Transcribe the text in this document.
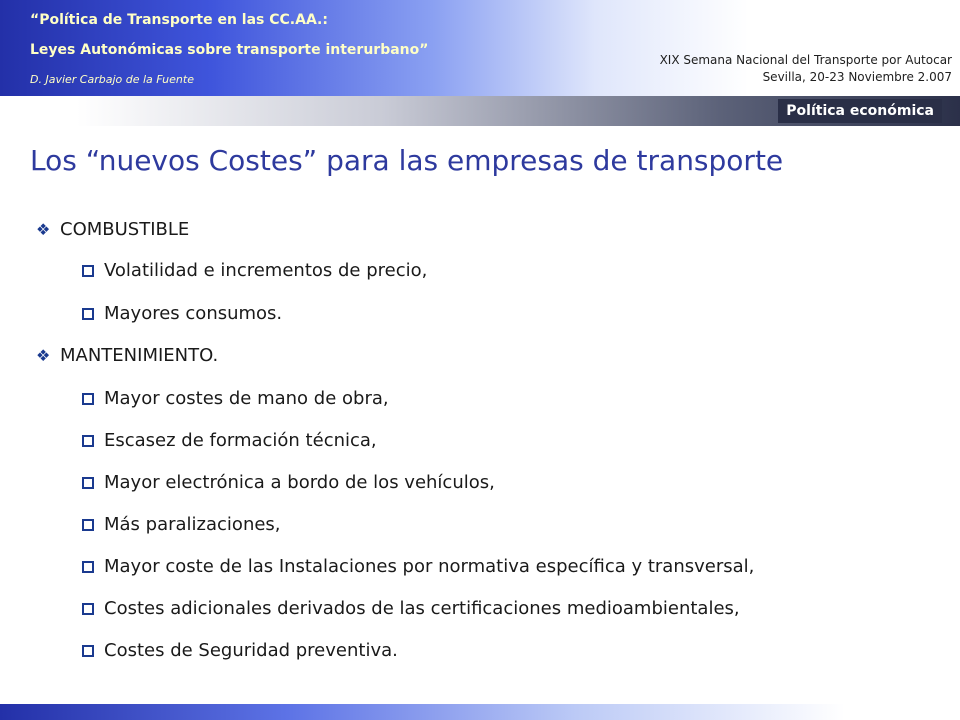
“Política de Transporte en las CC.AA.:
Leyes Autonómicas sobre transporte interurbano”
D. Javier Carbajo de la Fuente
XIX Semana Nacional del Transporte por Autocar
Sevilla, 20-23 Noviembre 2.007
Política económica
Los “nuevos Costes” para las empresas de transporte
❖ COMBUSTIBLE
Volatilidad e incrementos de precio,
Mayores consumos.
❖ MANTENIMIENTO.
Mayor costes de mano de obra,
Escasez de formación técnica,
Mayor electrónica a bordo de los vehículos,
Más paralizaciones,
Mayor coste de las Instalaciones por normativa específica y transversal,
Costes adicionales derivados de las certificaciones medioambientales,
Costes de Seguridad preventiva.
